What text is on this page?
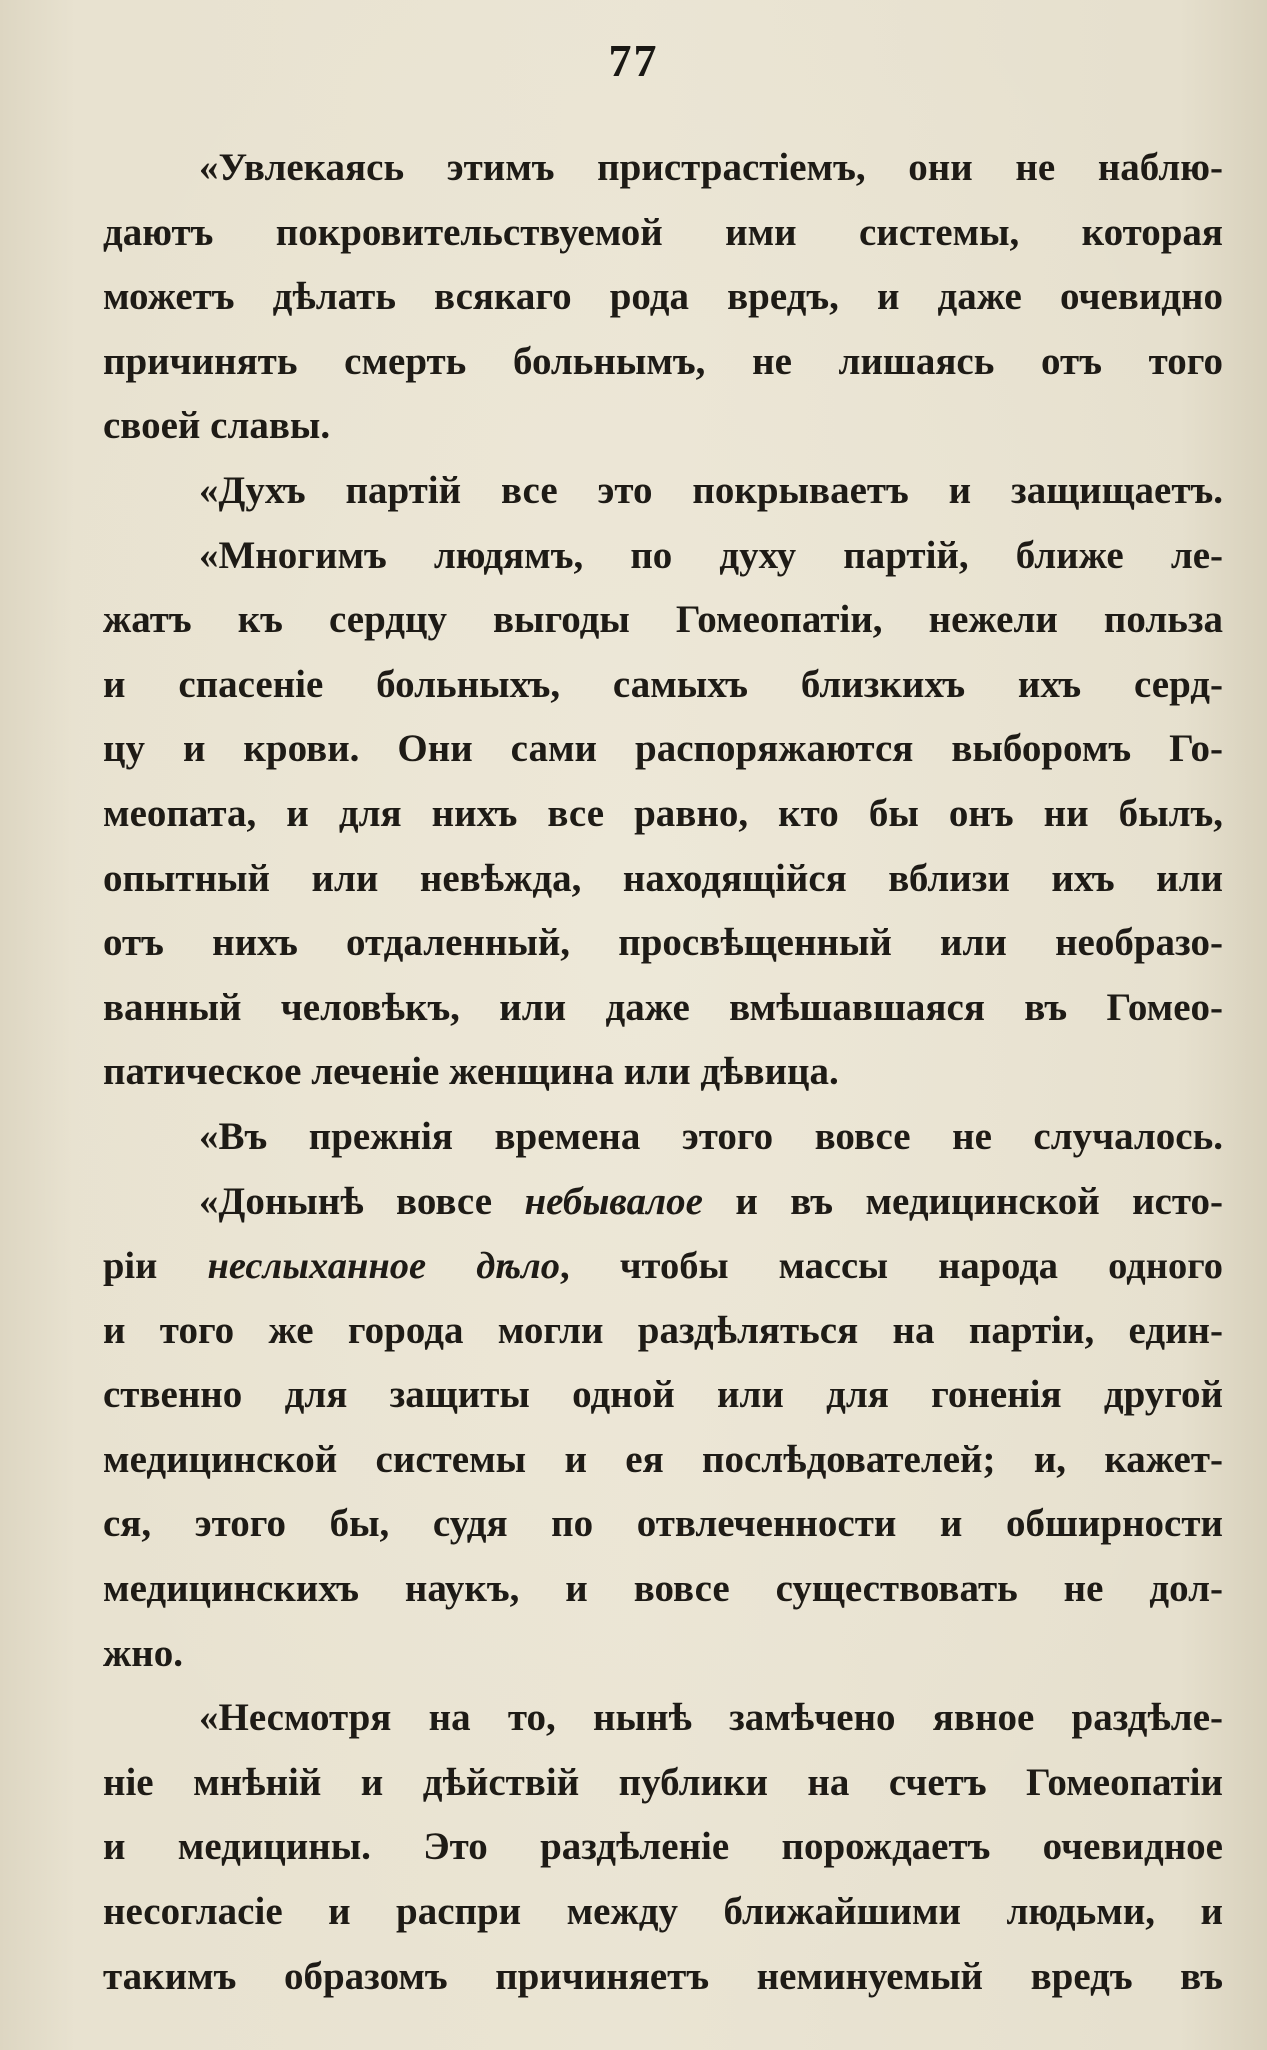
77
«Увлекаясь этимъ пристрастіемъ, они не наблю-
даютъ покровительствуемой ими системы, которая
можетъ дѣлать всякаго рода вредъ, и даже очевидно
причинять смерть больнымъ, не лишаясь отъ того
своей славы.
«Духъ партій все это покрываетъ и защищаетъ.
«Многимъ людямъ, по духу партій, ближе ле-
жатъ къ сердцу выгоды Гомеопатіи, нежели польза
и спасеніе больныхъ, самыхъ близкихъ ихъ серд-
цу и крови. Они сами распоряжаются выборомъ Го-
меопата, и для нихъ все равно, кто бы онъ ни былъ,
опытный или невѣжда, находящійся вблизи ихъ или
отъ нихъ отдаленный, просвѣщенный или необразо-
ванный человѣкъ, или даже вмѣшавшаяся въ Гомео-
патическое леченіе женщина или дѣвица.
«Въ прежнія времена этого вовсе не случалось.
«Донынѣ вовсе небывалое и въ медицинской исто-
ріи неслыханное дѣло, чтобы массы народа одного
и того же города могли раздѣляться на партіи, един-
ственно для защиты одной или для гоненія другой
медицинской системы и ея послѣдователей; и, кажет-
ся, этого бы, судя по отвлеченности и обширности
медицинскихъ наукъ, и вовсе существовать не дол-
жно.
«Несмотря на то, нынѣ замѣчено явное раздѣле-
ніе мнѣній и дѣйствій публики на счетъ Гомеопатіи
и медицины. Это раздѣленіе порождаетъ очевидное
несогласіе и распри между ближайшими людьми, и
такимъ образомъ причиняетъ неминуемый вредъ въ
